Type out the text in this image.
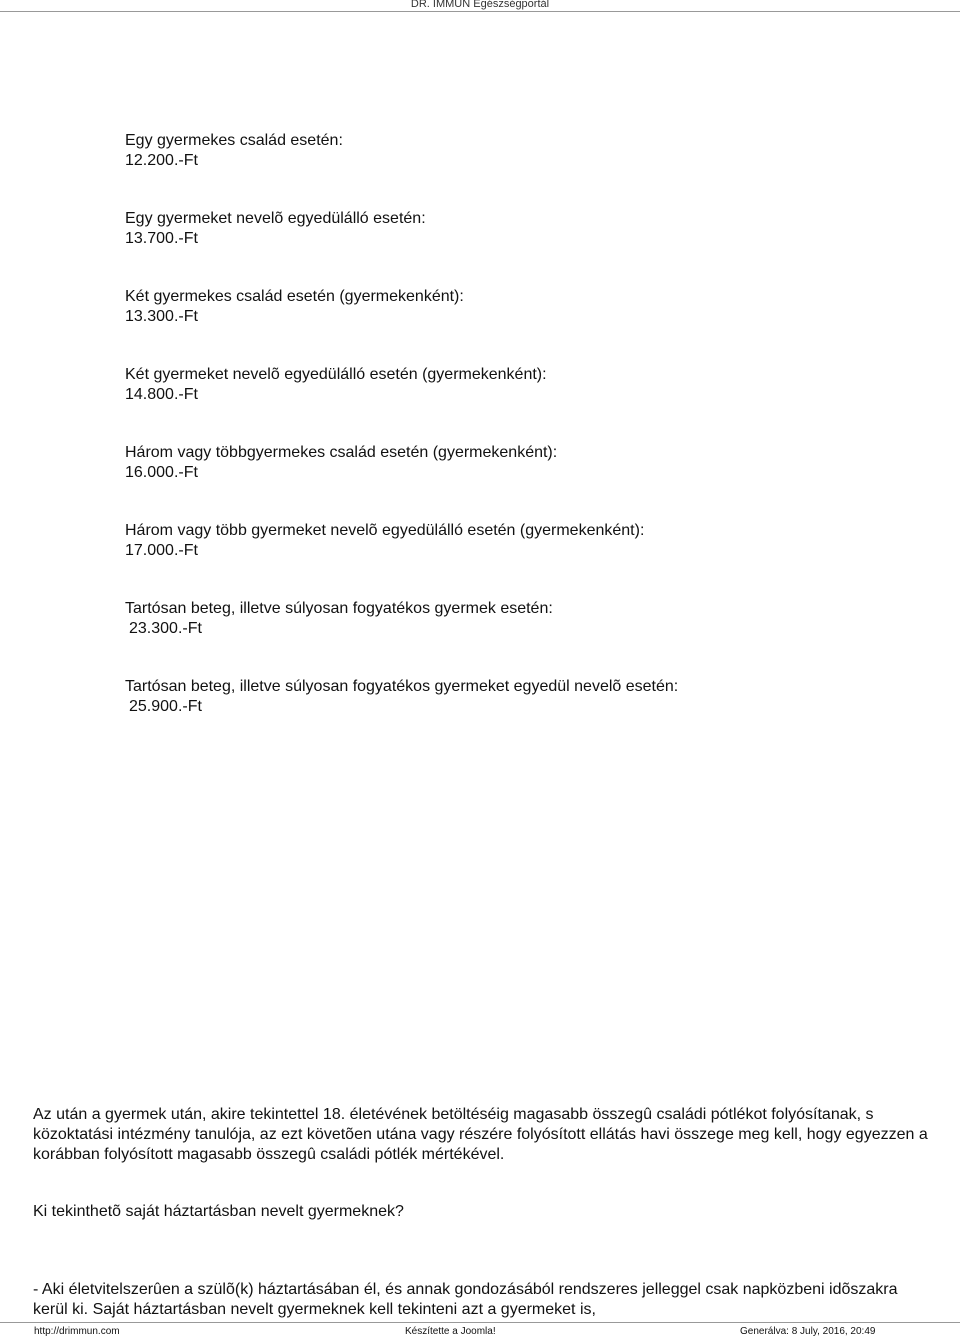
DR. IMMUN Egészségportál
Egy gyermekes család esetén:
12.200.-Ft
Egy gyermeket nevelõ egyedülálló esetén:
13.700.-Ft
Két gyermekes család esetén (gyermekenként):
13.300.-Ft
Két gyermeket nevelõ egyedülálló esetén (gyermekenként):
14.800.-Ft
Három vagy többgyermekes család esetén (gyermekenként):
16.000.-Ft
Három vagy több gyermeket nevelõ egyedülálló esetén (gyermekenként):
17.000.-Ft
Tartósan beteg, illetve súlyosan fogyatékos gyermek esetén:
23.300.-Ft
Tartósan beteg, illetve súlyosan fogyatékos gyermeket egyedül nevelõ esetén:
25.900.-Ft
Az után a gyermek után, akire tekintettel 18. életévének betöltéséig magasabb összegû családi pótlékot folyósítanak, s közoktatási intézmény tanulója, az ezt követõen utána vagy részére folyósított ellátás havi összege meg kell, hogy egyezzen a korábban folyósított magasabb összegû családi pótlék mértékével.
Ki tekinthetõ saját háztartásban nevelt gyermeknek?
- Aki életvitelszerûen a szülõ(k) háztartásában él, és annak gondozásából rendszeres jelleggel csak napközbeni idõszakra kerül ki. Saját háztartásban nevelt gyermeknek kell tekinteni azt a gyermeket is,
http://drimmun.com	Készítette a Joomla!	Generálva: 8 July, 2016, 20:49
